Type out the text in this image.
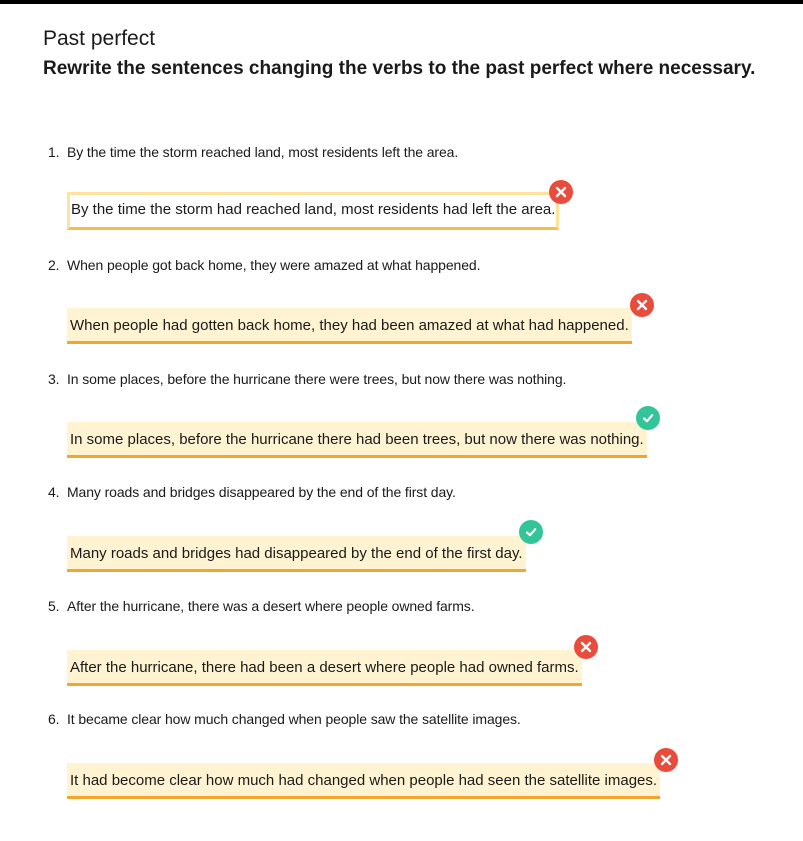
Past perfect
Rewrite the sentences changing the verbs to the past perfect where necessary.
1. By the time the storm reached land, most residents left the area.
By the time the storm had reached land, most residents had left the area.
2. When people got back home, they were amazed at what happened.
When people had gotten back home, they had been amazed at what had happened.
3. In some places, before the hurricane there were trees, but now there was nothing.
In some places, before the hurricane there had been trees, but now there was nothing.
4. Many roads and bridges disappeared by the end of the first day.
Many roads and bridges had disappeared by the end of the first day.
5. After the hurricane, there was a desert where people owned farms.
After the hurricane, there had been a desert where people had owned farms.
6. It became clear how much changed when people saw the satellite images.
It had become clear how much had changed when people had seen the satellite images.
